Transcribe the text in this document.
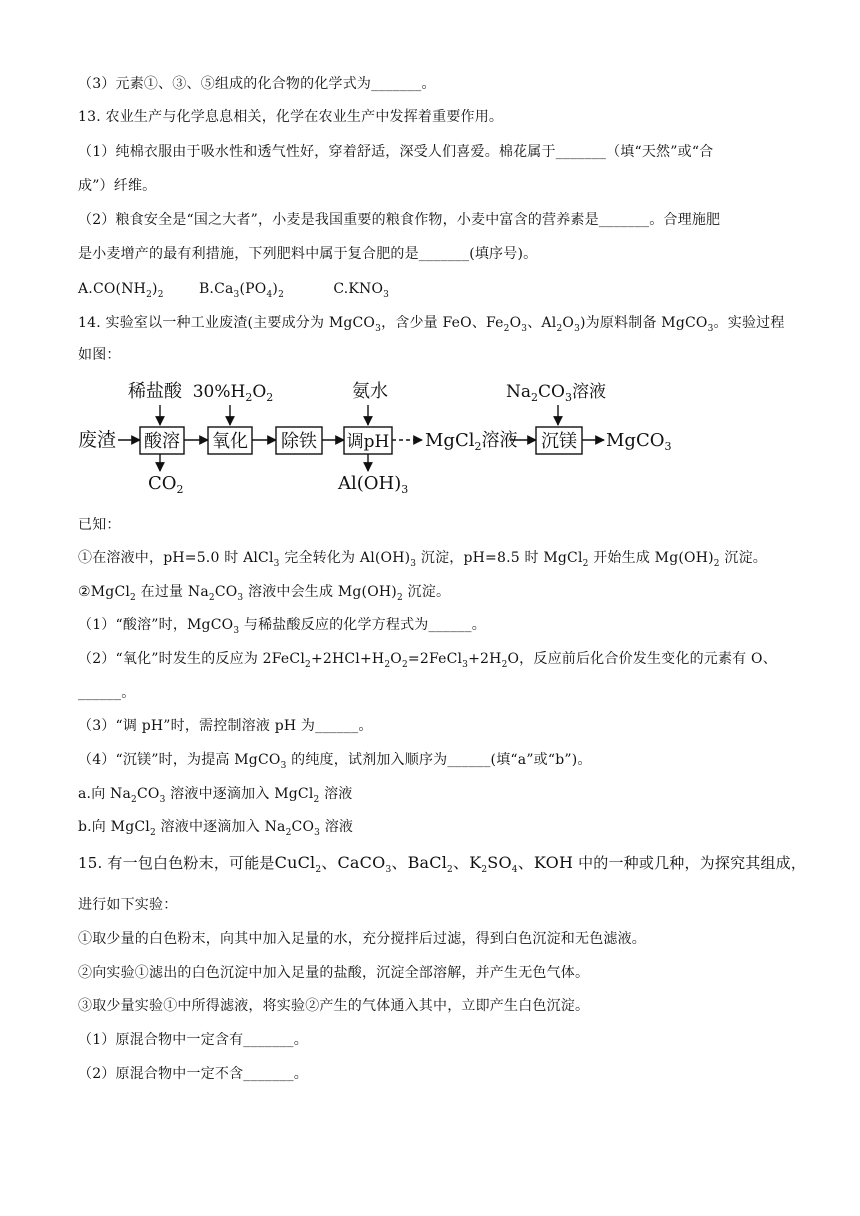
（3）元素①、③、⑤组成的化合物的化学式为_______。
13. 农业生产与化学息息相关，化学在农业生产中发挥着重要作用。
（1）纯棉衣服由于吸水性和透气性好，穿着舒适，深受人们喜爱。棉花属于_______（填“天然”或“合
成”）纤维。
（2）粮食安全是“国之大者”，小麦是我国重要的粮食作物，小麦中富含的营养素是_______。合理施肥
是小麦增产的最有利措施，下列肥料中属于复合肥的是_______(填序号)。
$A.CO(NH_2)_2$	$B.Ca_3(PO_4)_2$	$C.KNO_3$
14. 实验室以一种工业废渣(主要成分为 MgCO$_3$，含少量 FeO、$Fe_2O_3$、$Al_2O_3$)为原料制备 MgCO$_3$。实验过程
如图：
稀盐酸 $30\%H_2O_2$	氨水	$Na_2CO_3$溶液
废渣 酸溶 氧化 除铁 调pH MgCl$_2$溶液 沉镁 MgCO$_3$
$CO_2$	$Al(OH)_3$
已知：
①在溶液中，pH=5.0 时 AlCl$_3$ 完全转化为 $Al(OH)_3$ 沉淀，pH=8.5 时 MgCl$_2$ 开始生成 $Mg(OH)_2$ 沉淀。
②MgCl$_2$ 在过量 $Na_2CO_3$ 溶液中会生成 $Mg(OH)_2$ 沉淀。
（1）“酸溶”时，MgCO$_3$ 与稀盐酸反应的化学方程式为______。
（2）“氧化”时发生的反应为 $2FeCl_2+2HCl+H_2O_2=2FeCl_3+2H_2O$，反应前后化合价发生变化的元素有 O、
______。
（3）“调 pH”时，需控制溶液 pH 为______。
（4）“沉镁”时，为提高 MgCO$_3$ 的纯度，试剂加入顺序为______(填“a”或“b”)。
a.向 $Na_2CO_3$ 溶液中逐滴加入 MgCl$_2$ 溶液
b.向 MgCl$_2$ 溶液中逐滴加入 $Na_2CO_3$ 溶液
15. 有一包白色粉末，可能是CuCl$_2$、CaCO$_3$、BaCl$_2$、$K_2SO_4$、KOH 中的一种或几种，为探究其组成，
进行如下实验：
①取少量的白色粉末，向其中加入足量的水，充分搅拌后过滤，得到白色沉淀和无色滤液。
②向实验①滤出的白色沉淀中加入足量的盐酸，沉淀全部溶解，并产生无色气体。
③取少量实验①中所得滤液，将实验②产生的气体通入其中，立即产生白色沉淀。
（1）原混合物中一定含有_______。
（2）原混合物中一定不含_______。
